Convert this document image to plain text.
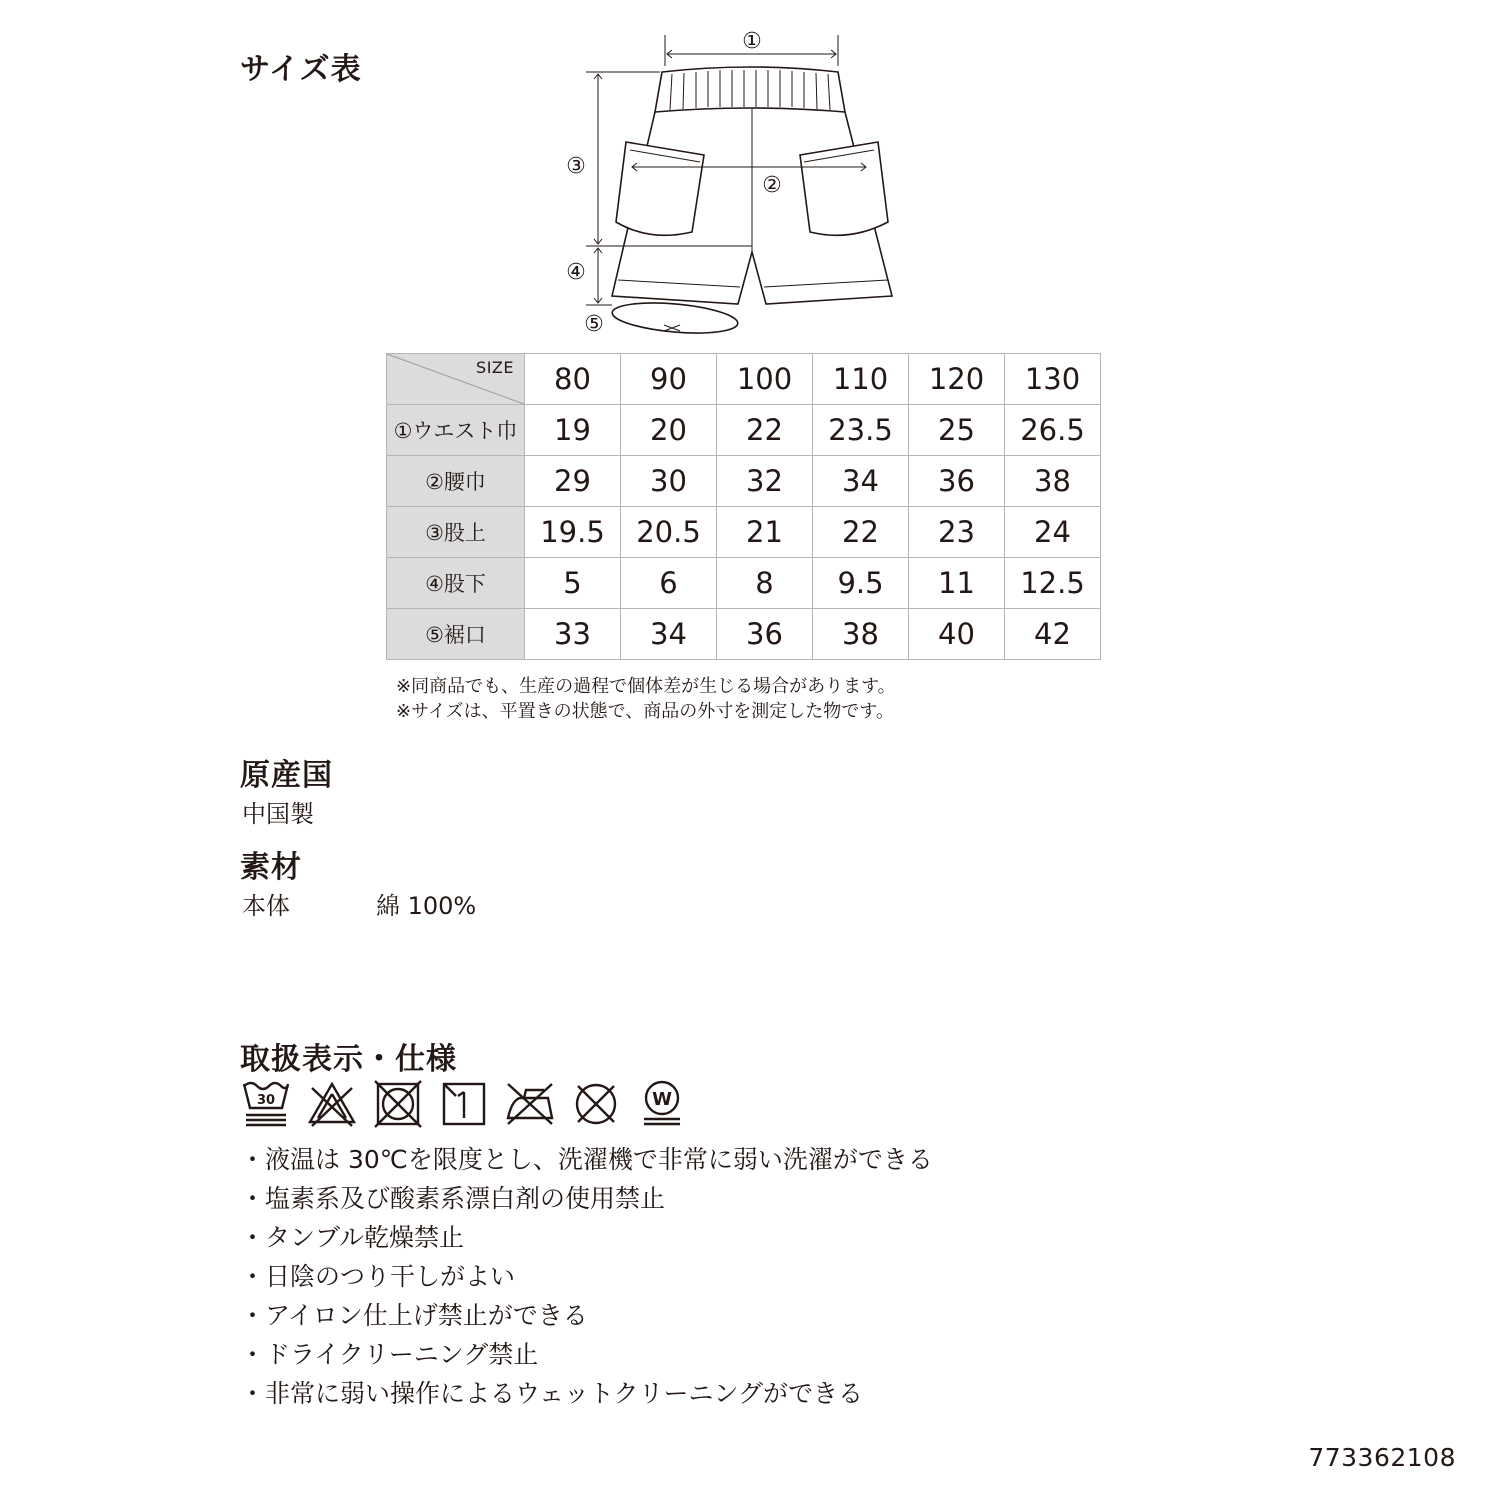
サイズ表
①
②
③
④
⑤
SIZE	80	90	100	110	120	130
①ウエスト巾	19	20	22	23.5	25	26.5
②腰巾	29	30	32	34	36	38
③股上	19.5	20.5	21	22	23	24
④股下	5	6	8	9.5	11	12.5
⑤裾口	33	34	36	38	40	42
※同商品でも、生産の過程で個体差が生じる場合があります。
※サイズは、平置きの状態で、商品の外寸を測定した物です。
原産国
中国製
素材
本体	綿 100%
取扱表示・仕様
30	W
・液温は 30℃を限度とし、洗濯機で非常に弱い洗濯ができる
・塩素系及び酸素系漂白剤の使用禁止
・タンブル乾燥禁止
・日陰のつり干しがよい
・アイロン仕上げ禁止ができる
・ドライクリーニング禁止
・非常に弱い操作によるウェットクリーニングができる
773362108
